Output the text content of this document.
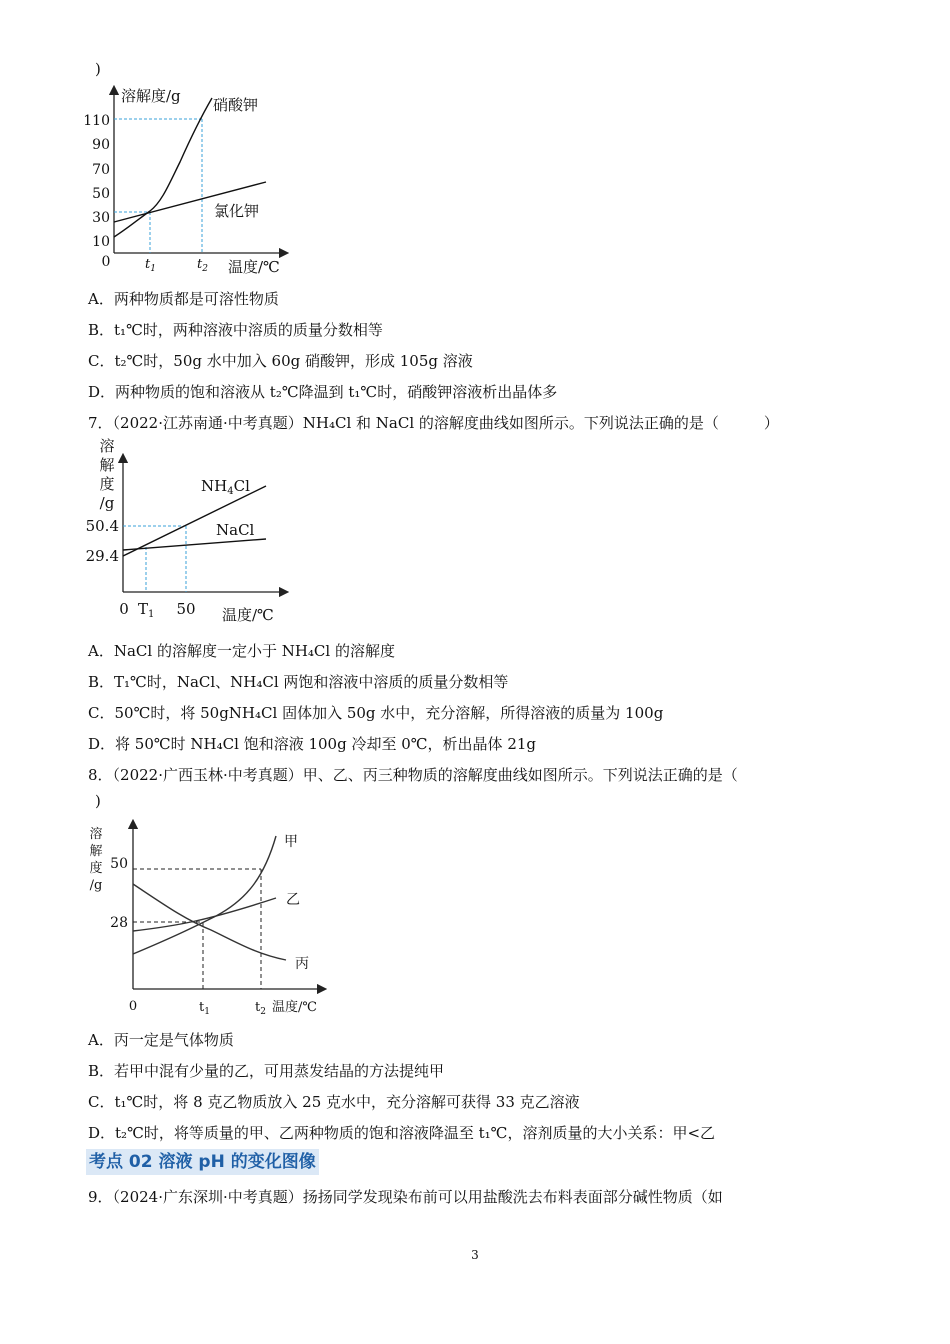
)
溶解度/g 硝酸钾
氯化钾
110
90
70
50
30
10
0	$t_1$	$t_2$ 温度/℃
A．两种物质都是可溶性物质
B．t₁℃时，两种溶液中溶质的质量分数相等
C．t₂℃时，50g 水中加入 60g 硝酸钾，形成 105g 溶液
D．两种物质的饱和溶液从 t₂℃降温到 t₁℃时，硝酸钾溶液析出晶体多
7．（2022·江苏南通·中考真题）NH₄Cl 和 NaCl 的溶解度曲线如图所示。下列说法正确的是（　　　）
溶
解
度
/g
$NH_4Cl$
NaCl
50.4
29.4
0 $T_1$ 50 温度/℃
A．NaCl 的溶解度一定小于 NH₄Cl 的溶解度
B．T₁℃时，NaCl、NH₄Cl 两饱和溶液中溶质的质量分数相等
C．50℃时，将 50gNH₄Cl 固体加入 50g 水中，充分溶解，所得溶液的质量为 100g
D．将 50℃时 NH₄Cl 饱和溶液 100g 冷却至 0℃，析出晶体 21g
8．（2022·广西玉林·中考真题）甲、乙、丙三种物质的溶解度曲线如图所示。下列说法正确的是（
)
溶
解
度
/g
甲
乙
丙
50
28
0	$t_1$	$t_2$ 温度/℃
A．丙一定是气体物质
B．若甲中混有少量的乙，可用蒸发结晶的方法提纯甲
C．t₁℃时，将 8 克乙物质放入 25 克水中，充分溶解可获得 33 克乙溶液
D．t₂℃时，将等质量的甲、乙两种物质的饱和溶液降温至 t₁℃，溶剂质量的大小关系：甲<乙
考点 02 溶液 pH 的变化图像
9．（2024·广东深圳·中考真题）扬扬同学发现染布前可以用盐酸洗去布料表面部分碱性物质（如
3
